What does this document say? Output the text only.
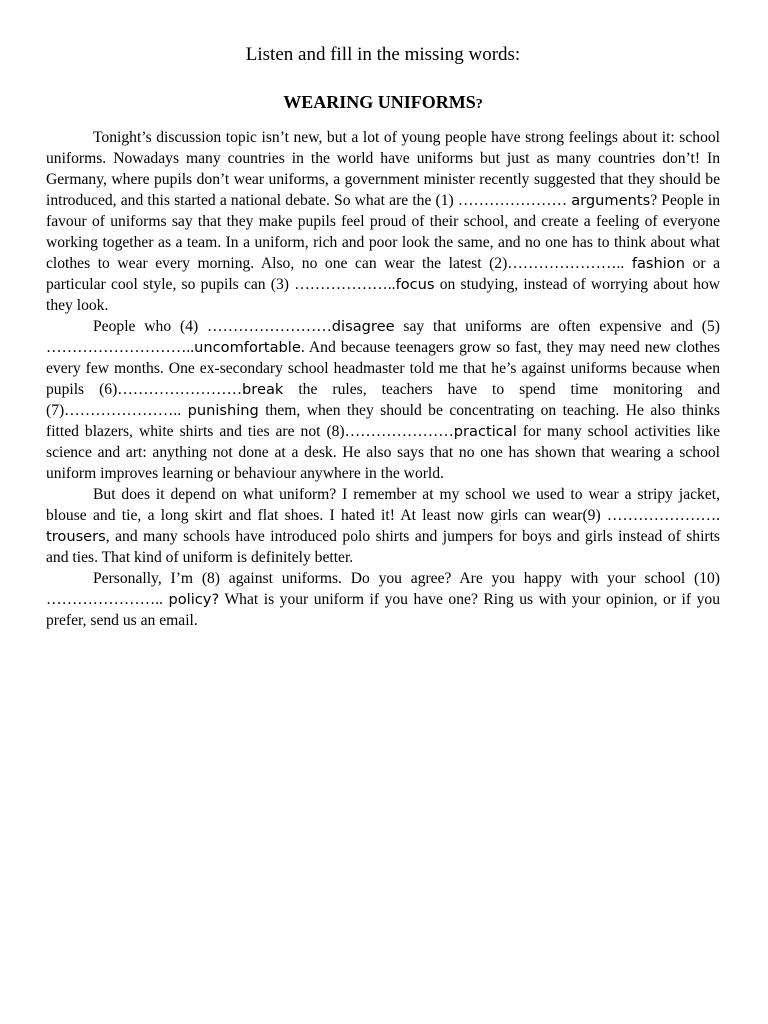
Listen and fill in the missing words:

WEARING UNIFORMS?

Tonight’s discussion topic isn’t new, but a lot of young people have strong feelings about it: school uniforms. Nowadays many countries in the world have uniforms but just as many countries don’t! In Germany, where pupils don’t wear uniforms, a government minister recently suggested that they should be introduced, and this started a national debate. So what are the (1) ………………… arguments? People in favour of uniforms say that they make pupils feel proud of their school, and create a feeling of everyone working together as a team. In a uniform, rich and poor look the same, and no one has to think about what clothes to wear every morning. Also, no one can wear the latest (2)………………….. fashion or a particular cool style, so pupils can (3) ………………..focus on studying, instead of worrying about how they look.

People who (4) ……………………disagree say that uniforms are often expensive and (5) ………………………..uncomfortable. And because teenagers grow so fast, they may need new clothes every few months. One ex-secondary school headmaster told me that he’s against uniforms because when pupils (6)……………………break the rules, teachers have to spend time monitoring and (7)………………….. punishing them, when they should be concentrating on teaching. He also thinks fitted blazers, white shirts and ties are not (8)…………………practical for many school activities like science and art: anything not done at a desk. He also says that no one has shown that wearing a school uniform improves learning or behaviour anywhere in the world.

But does it depend on what uniform? I remember at my school we used to wear a stripy jacket, blouse and tie, a long skirt and flat shoes. I hated it! At least now girls can wear(9) …………………. trousers, and many schools have introduced polo shirts and jumpers for boys and girls instead of shirts and ties. That kind of uniform is definitely better.

Personally, I’m (8) against uniforms. Do you agree? Are you happy with your school (10) ………………….. policy? What is your uniform if you have one? Ring us with your opinion, or if you prefer, send us an email.
